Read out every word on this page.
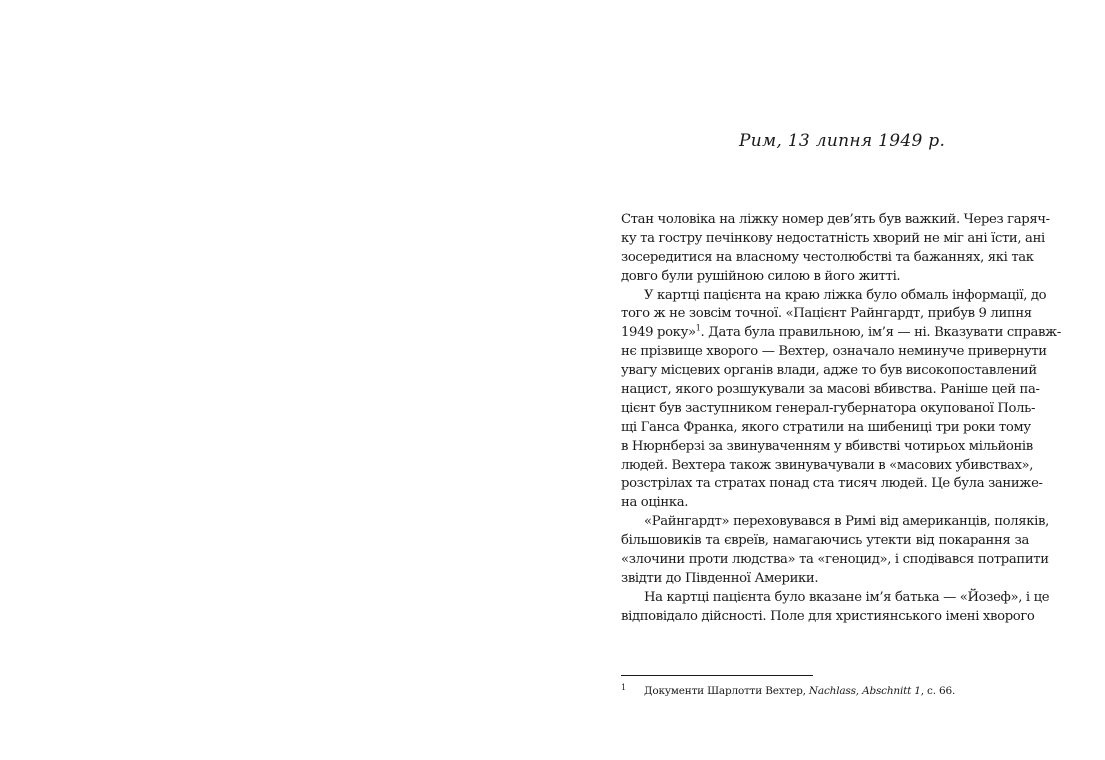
Рим, 13 липня 1949 р.
Стан чоловіка на ліжку номер дев’ять був важкий. Через гаряч-
ку та гостру печінкову недостатність хворий не міг ані їсти, ані
зосередитися на власному честолюбстві та бажаннях, які так
довго були рушійною силою в його житті.
У картці пацієнта на краю ліжка було обмаль інформації, до
того ж не зовсім точної. «Пацієнт Райнгардт, прибув 9 липня
1949 року»$^1$. Дата була правильною, ім’я — ні. Вказувати справж-
нє прізвище хворого — Вехтер, означало неминуче привернути
увагу місцевих органів влади, адже то був високопоставлений
нацист, якого розшукували за масові вбивства. Раніше цей па-
цієнт був заступником генерал-губернатора окупованої Поль-
щі Ганса Франка, якого стратили на шибениці три роки тому
в Нюрнберзі за звинуваченням у вбивстві чотирьох мільйонів
людей. Вехтера також звинувачували в «масових убивствах»,
розстрілах та стратах понад ста тисяч людей. Це була занижe-
на оцінка.
«Райнгардт» переховувався в Римі від американців, поляків,
більшовиків та євреїв, намагаючись утекти від покарання за
«злочини проти людства» та «геноцид», і сподівався потрапити
звідти до Південної Америки.
На картці пацієнта було вказане ім’я батька — «Йозеф», і це
відповідало дійсності. Поле для християнського імені хворого
1 Документи Шарлотти Вехтер, Nachlass, Abschnitt 1, с. 66.
